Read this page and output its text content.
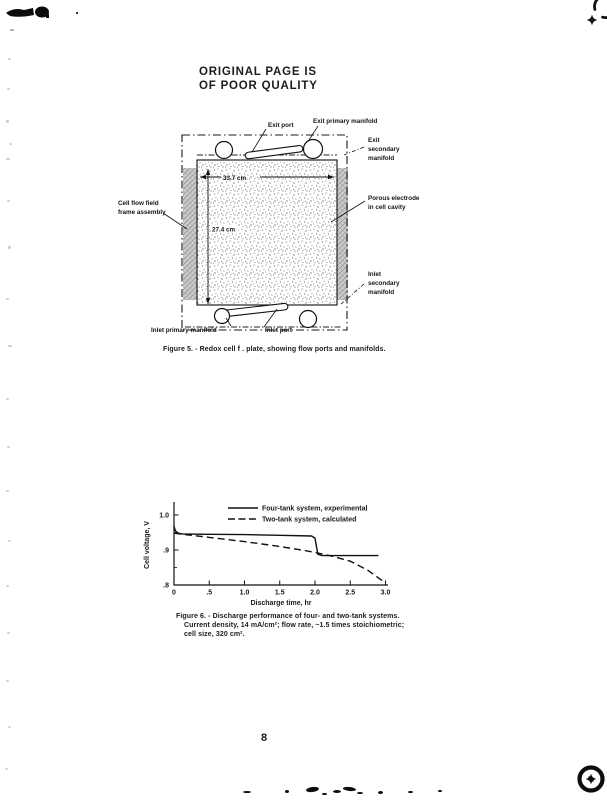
ORIGINAL PAGE IS
OF POOR QUALITY
33.7 cm
27.4 cm
Exit port
Exit primary manifold
Exit
secondary
manifold
Cell flow field
frame assembly
Porous electrode
in cell cavity
Inlet
secondary
manifold
Inlet primary manifold	Inlet port
Figure 5. - Redox cell f . plate, showing flow ports and manifolds.
Four-tank system, experimental
Two-tank system, calculated
0	.5	1.0	1.5	2.0	2.5	3.0
1.0
.9
.8
Discharge time, hr
Cell voltage, V
Figure 6. - Discharge performance of four- and two-tank systems.
Current density, 14 mA/cm²; flow rate, ~1.5 times stoichiometric;
cell size, 320 cm².
8
